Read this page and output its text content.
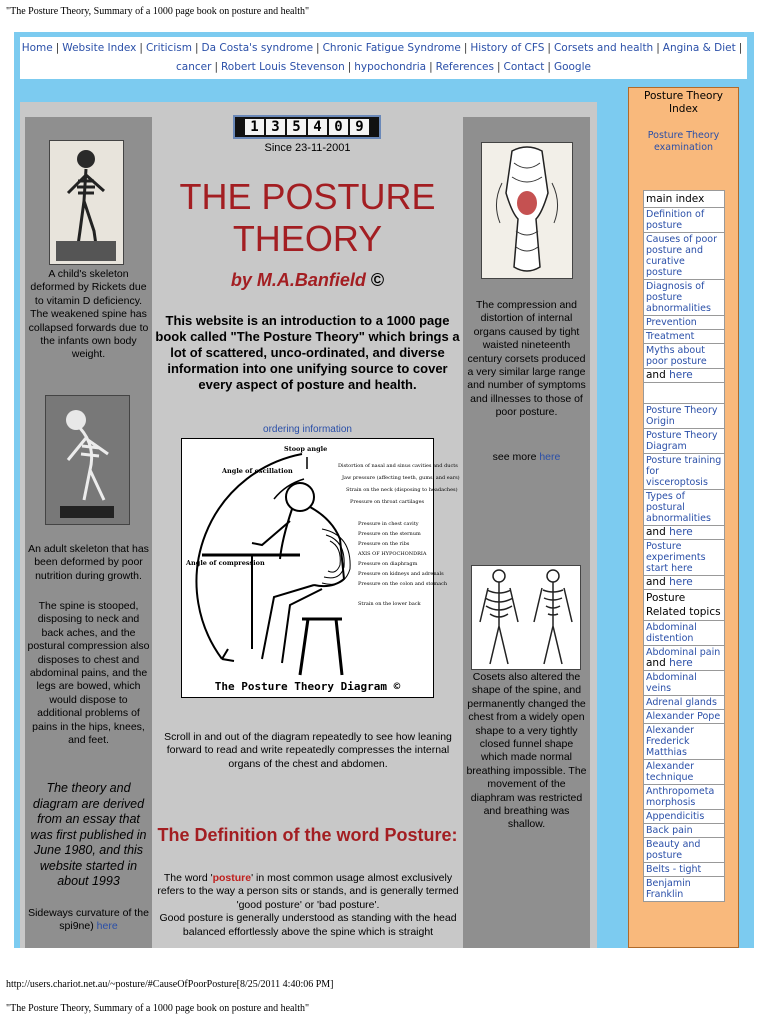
"The Posture Theory, Summary of a 1000 page book on posture and health"
Home | Website Index | Criticism | Da Costa's syndrome | Chronic Fatigue Syndrome | History of CFS | Corsets and health | Angina & Diet |
cancer | Robert Louis Stevenson | hypochondria | References | Contact | Google
A child's skeleton deformed by Rickets due to vitamin D deficiency. The weakened spine has collapsed forwards due to the infants own body weight.
An adult skeleton that has been deformed by poor nutrition during growth.
The spine is stooped, disposing to neck and back aches, and the postural compression also disposes to chest and abdominal pains, and the legs are bowed, which would dispose to additional problems of pains in the hips, knees, and feet.
The theory and diagram are derived from an essay that was first published in June 1980, and this website started in about 1993
Sideways curvature of the spi9ne) here
1 3 5 4 0 9
Since 23-11-2001
THE POSTURE
THEORY
by M.A.Banfield ©
This website is an introduction to a 1000 page book called "The Posture Theory" which brings a lot of scattered, unco-ordinated, and diverse information into one unifying source to cover every aspect of posture and health.
ordering information
Stoop angle
Angle of oscillation
Angle of compression
Distortion of nasal and sinus cavities and ducts
Jaw pressure (affecting teeth, gums, and ears)
Strain on the neck (disposing to headaches)
Pressure on throat cartilages
Pressure in chest cavity
Pressure on the sternum
Pressure on the ribs
AXIS OF HYPOCHONDRIA
Pressure on diaphragm
Pressure on kidneys and adrenals
Pressure on the colon and stomach
Strain on the lower back
The Posture Theory Diagram ©
Scroll in and out of the diagram repeatedly to see how leaning forward to read and write repeatedly compresses the internal organs of the chest and abdomen.
The Definition of the word Posture:
The word 'posture' in most common usage almost exclusively refers to the way a person sits or stands, and is generally termed 'good posture' or 'bad posture'.
Good posture is generally understood as standing with the head balanced effortlessly above the spine which is straight
The compression and distortion of internal organs caused by tight waisted nineteenth century corsets produced a very similar large range and number of symptoms and illnesses to those of poor posture.
see more here
Cosets also altered the shape of the spine, and permanently changed the chest from a widely open shape to a very tightly closed funnel shape which made normal breathing impossible. The movement of the diaphram was restricted and breathing was shallow.
Posture Theory Index
Posture Theory examination
main index
Definition of posture
Causes of poor posture and curative posture
Diagnosis of posture abnormalities
Prevention
Treatment
Myths about poor posture
and here
Posture Theory Origin
Posture Theory Diagram
Posture training for visceroptosis
Types of postural abnormalities
and here
Posture experiments start here
and here
Posture Related topics
Abdominal distention
Abdominal pain and here
Abdominal veins
Adrenal glands
Alexander Pope
Alexander Frederick Matthias
Alexander technique
Anthropometa morphosis
Appendicitis
Back pain
Beauty and posture
Belts - tight
Benjamin Franklin
http://users.chariot.net.au/~posture/#CauseOfPoorPosture[8/25/2011 4:40:06 PM]
"The Posture Theory, Summary of a 1000 page book on posture and health"
